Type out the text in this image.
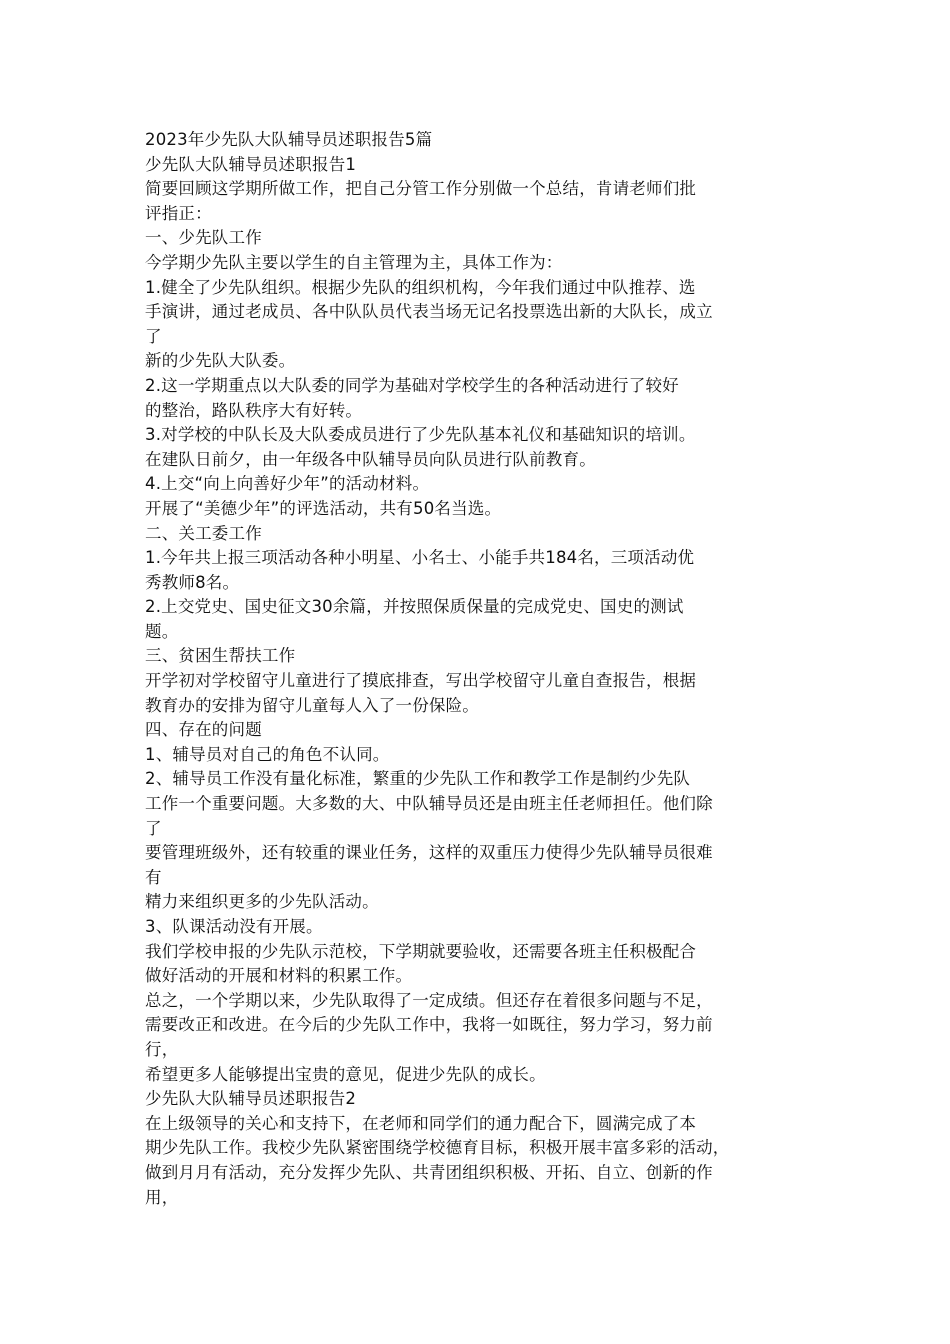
2023年少先队大队辅导员述职报告5篇
少先队大队辅导员述职报告1
简要回顾这学期所做工作，把自己分管工作分别做一个总结，肯请老师们批
评指正：
一、少先队工作
今学期少先队主要以学生的自主管理为主，具体工作为：
1.健全了少先队组织。根据少先队的组织机构，今年我们通过中队推荐、选
手演讲，通过老成员、各中队队员代表当场无记名投票选出新的大队长，成立
了
新的少先队大队委。
2.这一学期重点以大队委的同学为基础对学校学生的各种活动进行了较好
的整治，路队秩序大有好转。
3.对学校的中队长及大队委成员进行了少先队基本礼仪和基础知识的培训。
在建队日前夕，由一年级各中队辅导员向队员进行队前教育。
4.上交“向上向善好少年”的活动材料。
开展了“美德少年”的评选活动，共有50名当选。
二、关工委工作
1.今年共上报三项活动各种小明星、小名士、小能手共184名，三项活动优
秀教师8名。
2.上交党史、国史征文30余篇，并按照保质保量的完成党史、国史的测试
题。
三、贫困生帮扶工作
开学初对学校留守儿童进行了摸底排查，写出学校留守儿童自查报告，根据
教育办的安排为留守儿童每人入了一份保险。
四、存在的问题
1、辅导员对自己的角色不认同。
2、辅导员工作没有量化标准，繁重的少先队工作和教学工作是制约少先队
工作一个重要问题。大多数的大、中队辅导员还是由班主任老师担任。他们除
了
要管理班级外，还有较重的课业任务，这样的双重压力使得少先队辅导员很难
有
精力来组织更多的少先队活动。
3、队课活动没有开展。
我们学校申报的少先队示范校，下学期就要验收，还需要各班主任积极配合
做好活动的开展和材料的积累工作。
总之，一个学期以来，少先队取得了一定成绩。但还存在着很多问题与不足，
需要改正和改进。在今后的少先队工作中，我将一如既往，努力学习，努力前
行，
希望更多人能够提出宝贵的意见，促进少先队的成长。
少先队大队辅导员述职报告2
在上级领导的关心和支持下，在老师和同学们的通力配合下，圆满完成了本
期少先队工作。我校少先队紧密围绕学校德育目标，积极开展丰富多彩的活动，
做到月月有活动，充分发挥少先队、共青团组织积极、开拓、自立、创新的作
用，
